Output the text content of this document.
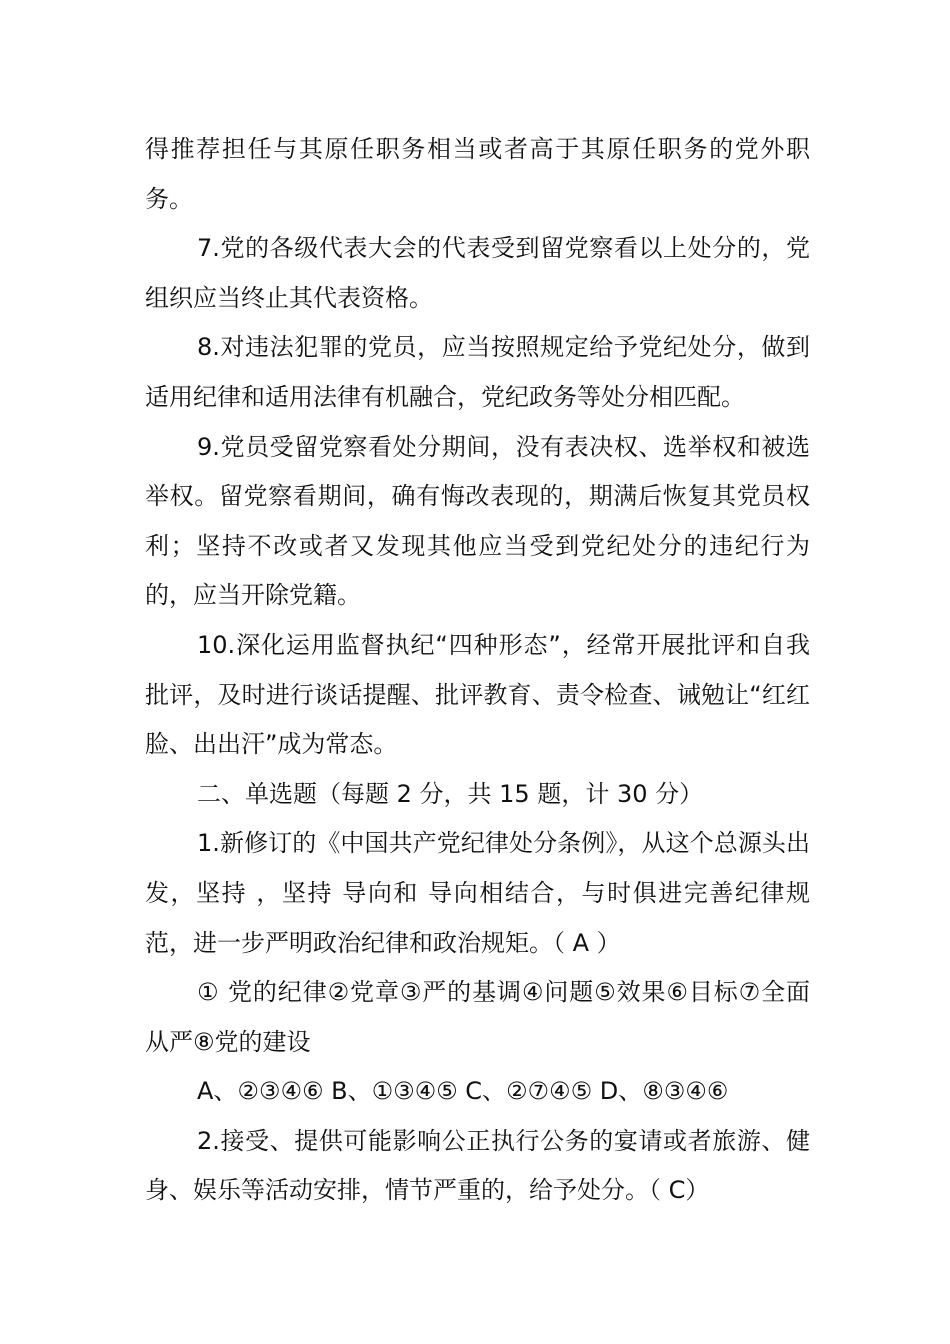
得推荐担任与其原任职务相当或者高于其原任职务的党外职务。

7.党的各级代表大会的代表受到留党察看以上处分的，党组织应当终止其代表资格。

8.对违法犯罪的党员，应当按照规定给予党纪处分，做到适用纪律和适用法律有机融合，党纪政务等处分相匹配。

9.党员受留党察看处分期间，没有表决权、选举权和被选举权。留党察看期间，确有悔改表现的，期满后恢复其党员权利；坚持不改或者又发现其他应当受到党纪处分的违纪行为的，应当开除党籍。

10.深化运用监督执纪“四种形态”，经常开展批评和自我批评，及时进行谈话提醒、批评教育、责令检查、诫勉让“红红脸、出出汗”成为常态。

二、单选题（每题 2 分，共 15 题，计 30 分）

1.新修订的《中国共产党纪律处分条例》，从这个总源头出发，坚持 ，坚持 导向和 导向相结合，与时俱进完善纪律规范，进一步严明政治纪律和政治规矩。（ A ）

① 党的纪律②党章③严的基调④问题⑤效果⑥目标⑦全面从严⑧党的建设

A、②③④⑥ B、①③④⑤ C、②⑦④⑤ D、⑧③④⑥

2.接受、提供可能影响公正执行公务的宴请或者旅游、健身、娱乐等活动安排，情节严重的，给予处分。（ C）
